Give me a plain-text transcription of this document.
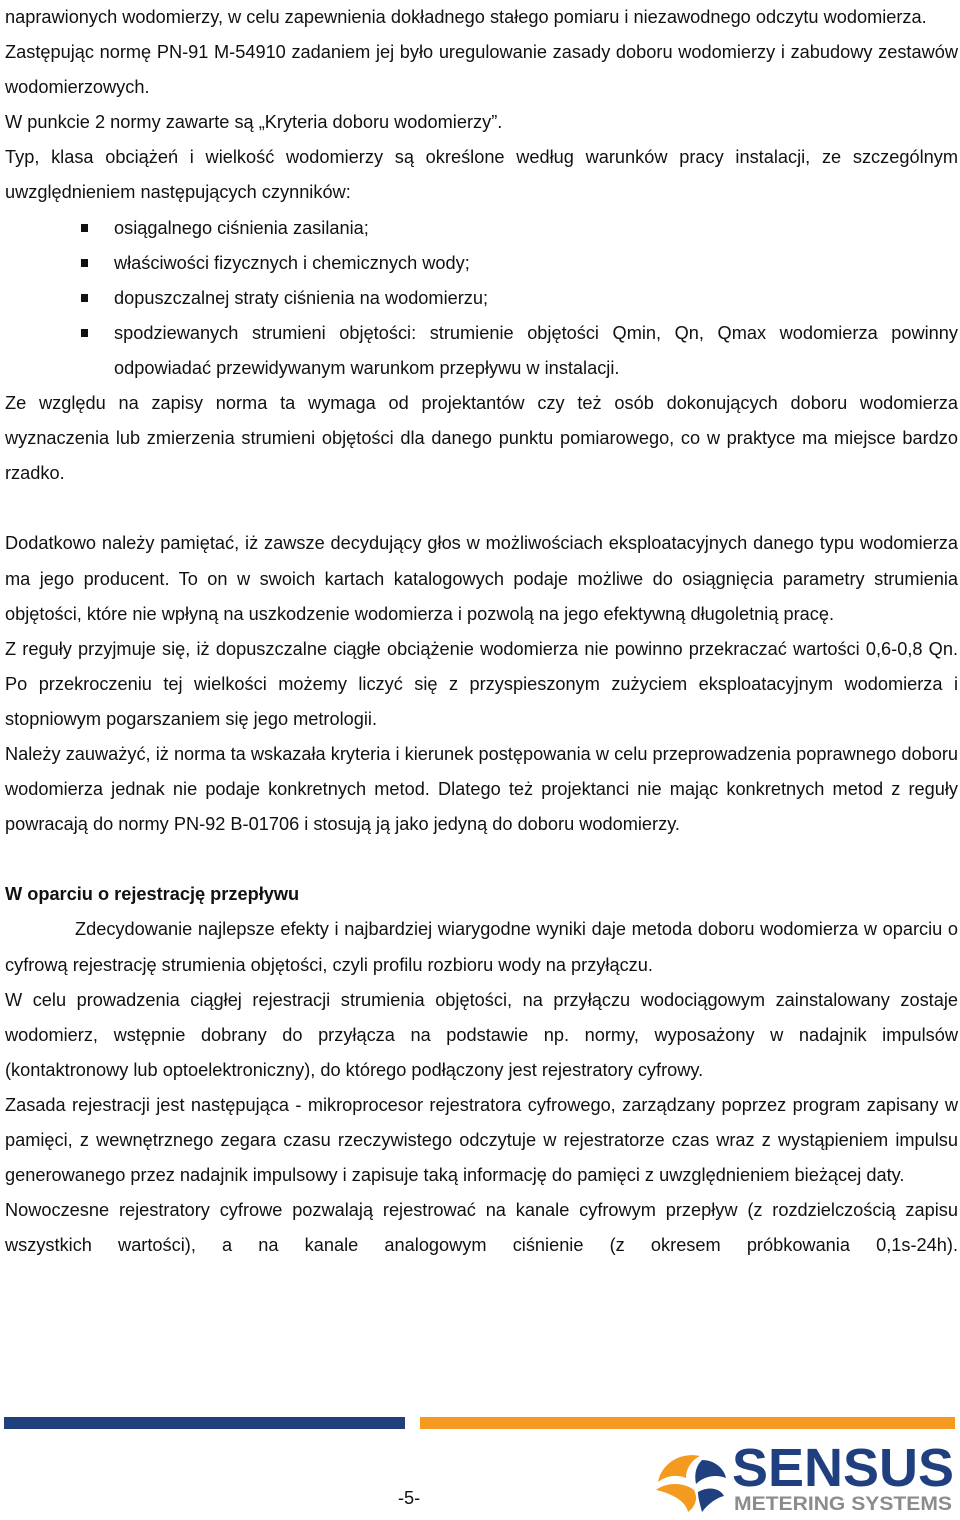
naprawionych wodomierzy, w celu zapewnienia dokładnego stałego pomiaru i niezawodnego odczytu wodomierza.

Zastępując normę PN-91 M-54910 zadaniem jej było uregulowanie zasady doboru wodomierzy i zabudowy zestawów wodomierzowych.

W punkcie 2 normy zawarte są „Kryteria doboru wodomierzy”.

Typ, klasa obciążeń i wielkość wodomierzy są określone według warunków pracy instalacji, ze szczególnym uwzględnieniem następujących czynników:

osiągalnego ciśnienia zasilania;
właściwości fizycznych i chemicznych wody;
dopuszczalnej straty ciśnienia na wodomierzu;
spodziewanych strumieni objętości: strumienie objętości Qmin, Qn, Qmax wodomierza powinny odpowiadać przewidywanym warunkom przepływu w instalacji.

Ze względu na zapisy norma ta wymaga od projektantów czy też osób dokonujących doboru wodomierza wyznaczenia lub zmierzenia strumieni objętości dla danego punktu pomiarowego, co w praktyce ma miejsce bardzo rzadko.

Dodatkowo należy pamiętać, iż zawsze decydujący głos w możliwościach eksploatacyjnych danego typu wodomierza ma jego producent. To on w swoich kartach katalogowych podaje możliwe do osiągnięcia parametry strumienia objętości, które nie wpłyną na uszkodzenie wodomierza i pozwolą na jego efektywną długoletnią pracę.

Z reguły przyjmuje się, iż dopuszczalne ciągłe obciążenie wodomierza nie powinno przekraczać wartości 0,6-0,8 Qn. Po przekroczeniu tej wielkości możemy liczyć się z przyspieszonym zużyciem eksploatacyjnym wodomierza i stopniowym pogarszaniem się jego metrologii.

Należy zauważyć, iż norma ta wskazała kryteria i kierunek postępowania w celu przeprowadzenia poprawnego doboru wodomierza jednak nie podaje konkretnych metod. Dlatego też projektanci nie mając konkretnych metod z reguły powracają do normy PN-92 B-01706 i stosują ją jako jedyną do doboru wodomierzy.

W oparciu o rejestrację przepływu

Zdecydowanie najlepsze efekty i najbardziej wiarygodne wyniki daje metoda doboru wodomierza w oparciu o cyfrową rejestrację strumienia objętości, czyli profilu rozbioru wody na przyłączu.

W celu prowadzenia ciągłej rejestracji strumienia objętości, na przyłączu wodociągowym zainstalowany zostaje wodomierz, wstępnie dobrany do przyłącza na podstawie np. normy, wyposażony w nadajnik impulsów (kontaktronowy lub optoelektroniczny), do którego podłączony jest rejestratory cyfrowy.

Zasada rejestracji jest następująca - mikroprocesor rejestratora cyfrowego, zarządzany poprzez program zapisany w pamięci, z wewnętrznego zegara czasu rzeczywistego odczytuje w rejestratorze czas wraz z wystąpieniem impulsu generowanego przez nadajnik impulsowy i zapisuje taką informację do pamięci z uwzględnieniem bieżącej daty.

Nowoczesne rejestratory cyfrowe pozwalają rejestrować na kanale cyfrowym przepływ (z rozdzielczością zapisu wszystkich wartości), a na kanale analogowym ciśnienie (z okresem próbkowania 0,1s-24h).

-5-	SENSUS
METERING SYSTEMS
